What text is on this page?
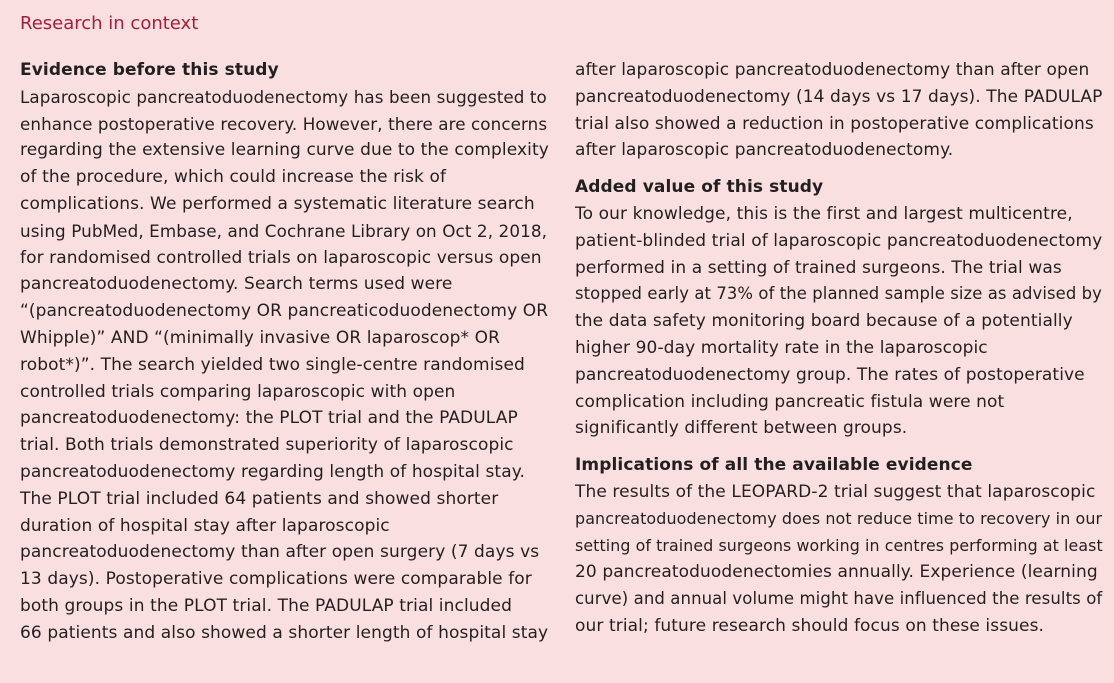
Research in context
Evidence before this study
Laparoscopic pancreatoduodenectomy has been suggested to
enhance postoperative recovery. However, there are concerns
regarding the extensive learning curve due to the complexity
of the procedure, which could increase the risk of
complications. We performed a systematic literature search
using PubMed, Embase, and Cochrane Library on Oct 2, 2018,
for randomised controlled trials on laparoscopic versus open
pancreatoduodenectomy. Search terms used were
“(pancreatoduodenectomy OR pancreaticoduodenectomy OR
Whipple)” AND “(minimally invasive OR laparoscop* OR
robot*)”. The search yielded two single-centre randomised
controlled trials comparing laparoscopic with open
pancreatoduodenectomy: the PLOT trial and the PADULAP
trial. Both trials demonstrated superiority of laparoscopic
pancreatoduodenectomy regarding length of hospital stay.
The PLOT trial included 64 patients and showed shorter
duration of hospital stay after laparoscopic
pancreatoduodenectomy than after open surgery (7 days vs
13 days). Postoperative complications were comparable for
both groups in the PLOT trial. The PADULAP trial included
66 patients and also showed a shorter length of hospital stay
after laparoscopic pancreatoduodenectomy than after open
pancreatoduodenectomy (14 days vs 17 days). The PADULAP
trial also showed a reduction in postoperative complications
after laparoscopic pancreatoduodenectomy.
Added value of this study
To our knowledge, this is the first and largest multicentre,
patient-blinded trial of laparoscopic pancreatoduodenectomy
performed in a setting of trained surgeons. The trial was
stopped early at 73% of the planned sample size as advised by
the data safety monitoring board because of a potentially
higher 90-day mortality rate in the laparoscopic
pancreatoduodenectomy group. The rates of postoperative
complication including pancreatic fistula were not
significantly different between groups.
Implications of all the available evidence
The results of the LEOPARD-2 trial suggest that laparoscopic
pancreatoduodenectomy does not reduce time to recovery in our
setting of trained surgeons working in centres performing at least
20 pancreatoduodenectomies annually. Experience (learning
curve) and annual volume might have influenced the results of
our trial; future research should focus on these issues.
